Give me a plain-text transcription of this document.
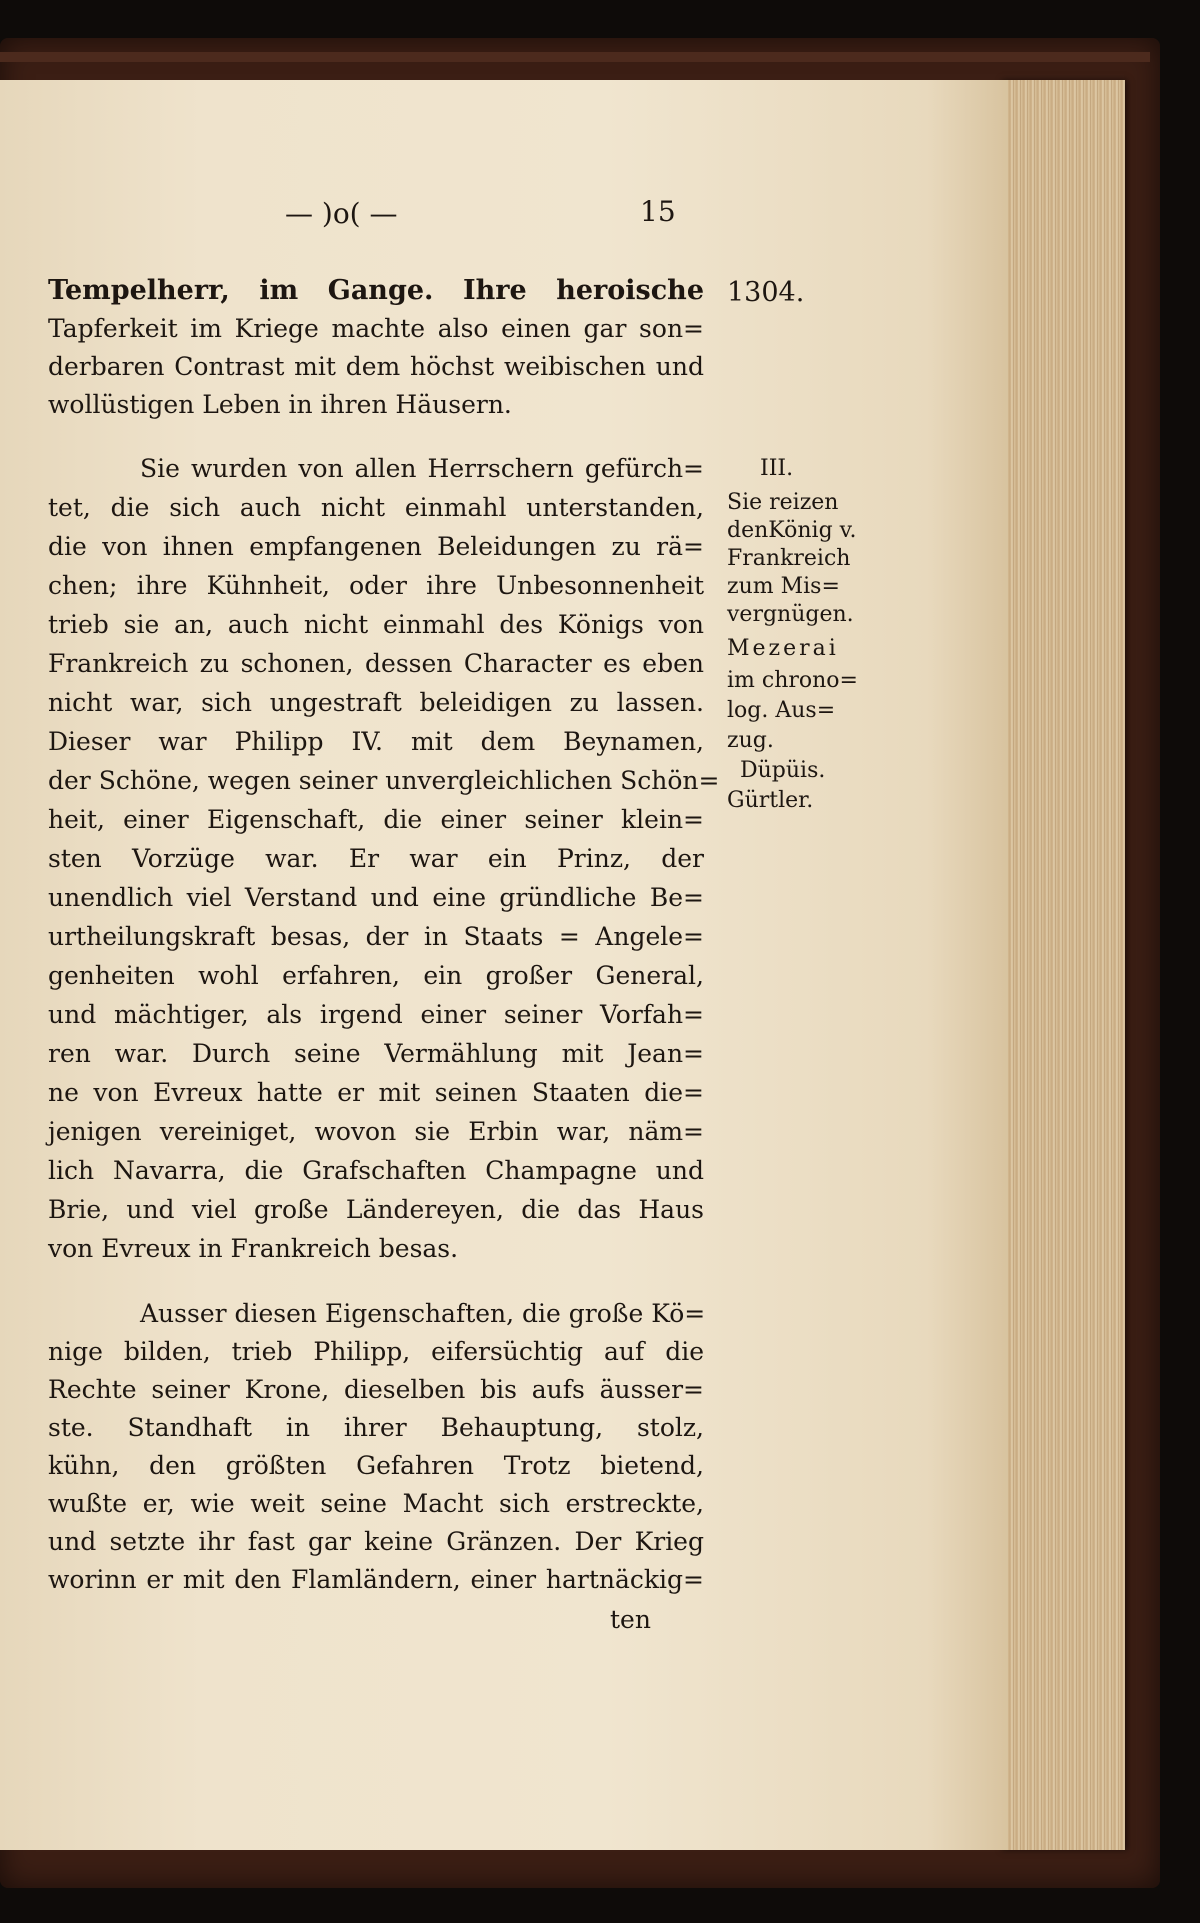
— )o( —	15

Tempelherr, im Gange. Ihre heroische

Tapferkeit im Kriege machte also einen gar son=

derbaren Contrast mit dem höchst weibischen und

wollüstigen Leben in ihren Häusern.

Sie wurden von allen Herrschern gefürch=

tet, die sich auch nicht einmahl unterstanden,

die von ihnen empfangenen Beleidungen zu rä=

chen; ihre Kühnheit, oder ihre Unbesonnenheit

trieb sie an, auch nicht einmahl des Königs von

Frankreich zu schonen, dessen Character es eben

nicht war, sich ungestraft beleidigen zu lassen.

Dieser war Philipp IV. mit dem Beynamen,

der Schöne, wegen seiner unvergleichlichen Schön=

heit, einer Eigenschaft, die einer seiner klein=

sten Vorzüge war. Er war ein Prinz, der

unendlich viel Verstand und eine gründliche Be=

urtheilungskraft besas, der in Staats = Angele=

genheiten wohl erfahren, ein großer General,

und mächtiger, als irgend einer seiner Vorfah=

ren war. Durch seine Vermählung mit Jean=

ne von Evreux hatte er mit seinen Staaten die=

jenigen vereiniget, wovon sie Erbin war, näm=

lich Navarra, die Grafschaften Champagne und

Brie, und viel große Ländereyen, die das Haus

von Evreux in Frankreich besas.

Ausser diesen Eigenschaften, die große Kö=

nige bilden, trieb Philipp, eifersüchtig auf die

Rechte seiner Krone, dieselben bis aufs äusser=

ste. Standhaft in ihrer Behauptung, stolz,

kühn, den größten Gefahren Trotz bietend,

wußte er, wie weit seine Macht sich erstreckte,

und setzte ihr fast gar keine Gränzen. Der Krieg

worinn er mit den Flamländern, einer hartnäckig=

ten
1304.
III.
Sie reizen
denKönig v.
Frankreich
zum Mis=
vergnügen.
Mezerai
im chrono=
log. Aus=
zug.
Düpüis.
Gürtler.
